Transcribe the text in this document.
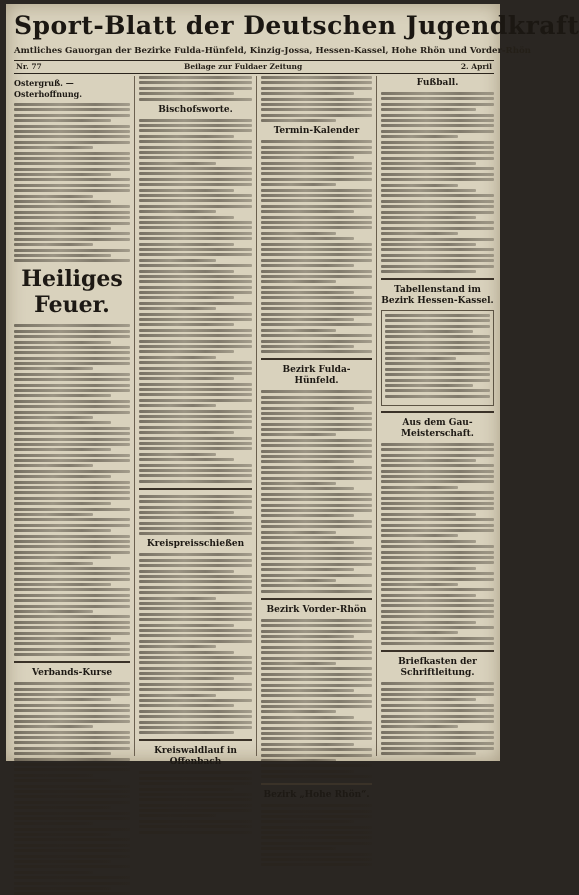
Sport-Blatt der Deutschen Jugendkraft
Amtliches Gauorgan der Bezirke Fulda-Hünfeld, Kinzig-Jossa, Hessen-Kassel, Hohe Rhön und Vorder-Rhön
Nr. 77	Beilage zur Fuldaer Zeitung	2. April
Ostergruß. — Osterhoffnung.
Heiliges Feuer.
Verbands-Kurse
Bischofsworte.
Kreispreisschießen
Kreiswaldlauf in Offenbach
Termin-Kalender
Bezirk Fulda-Hünfeld.
Bezirk Vorder-Rhön
Bezirk „Hohe Rhön“.
Fußball.
Tabellenstand im Bezirk Hessen-Kassel.
Aus dem Gau-Meisterschaft.
Briefkasten der Schriftleitung.
